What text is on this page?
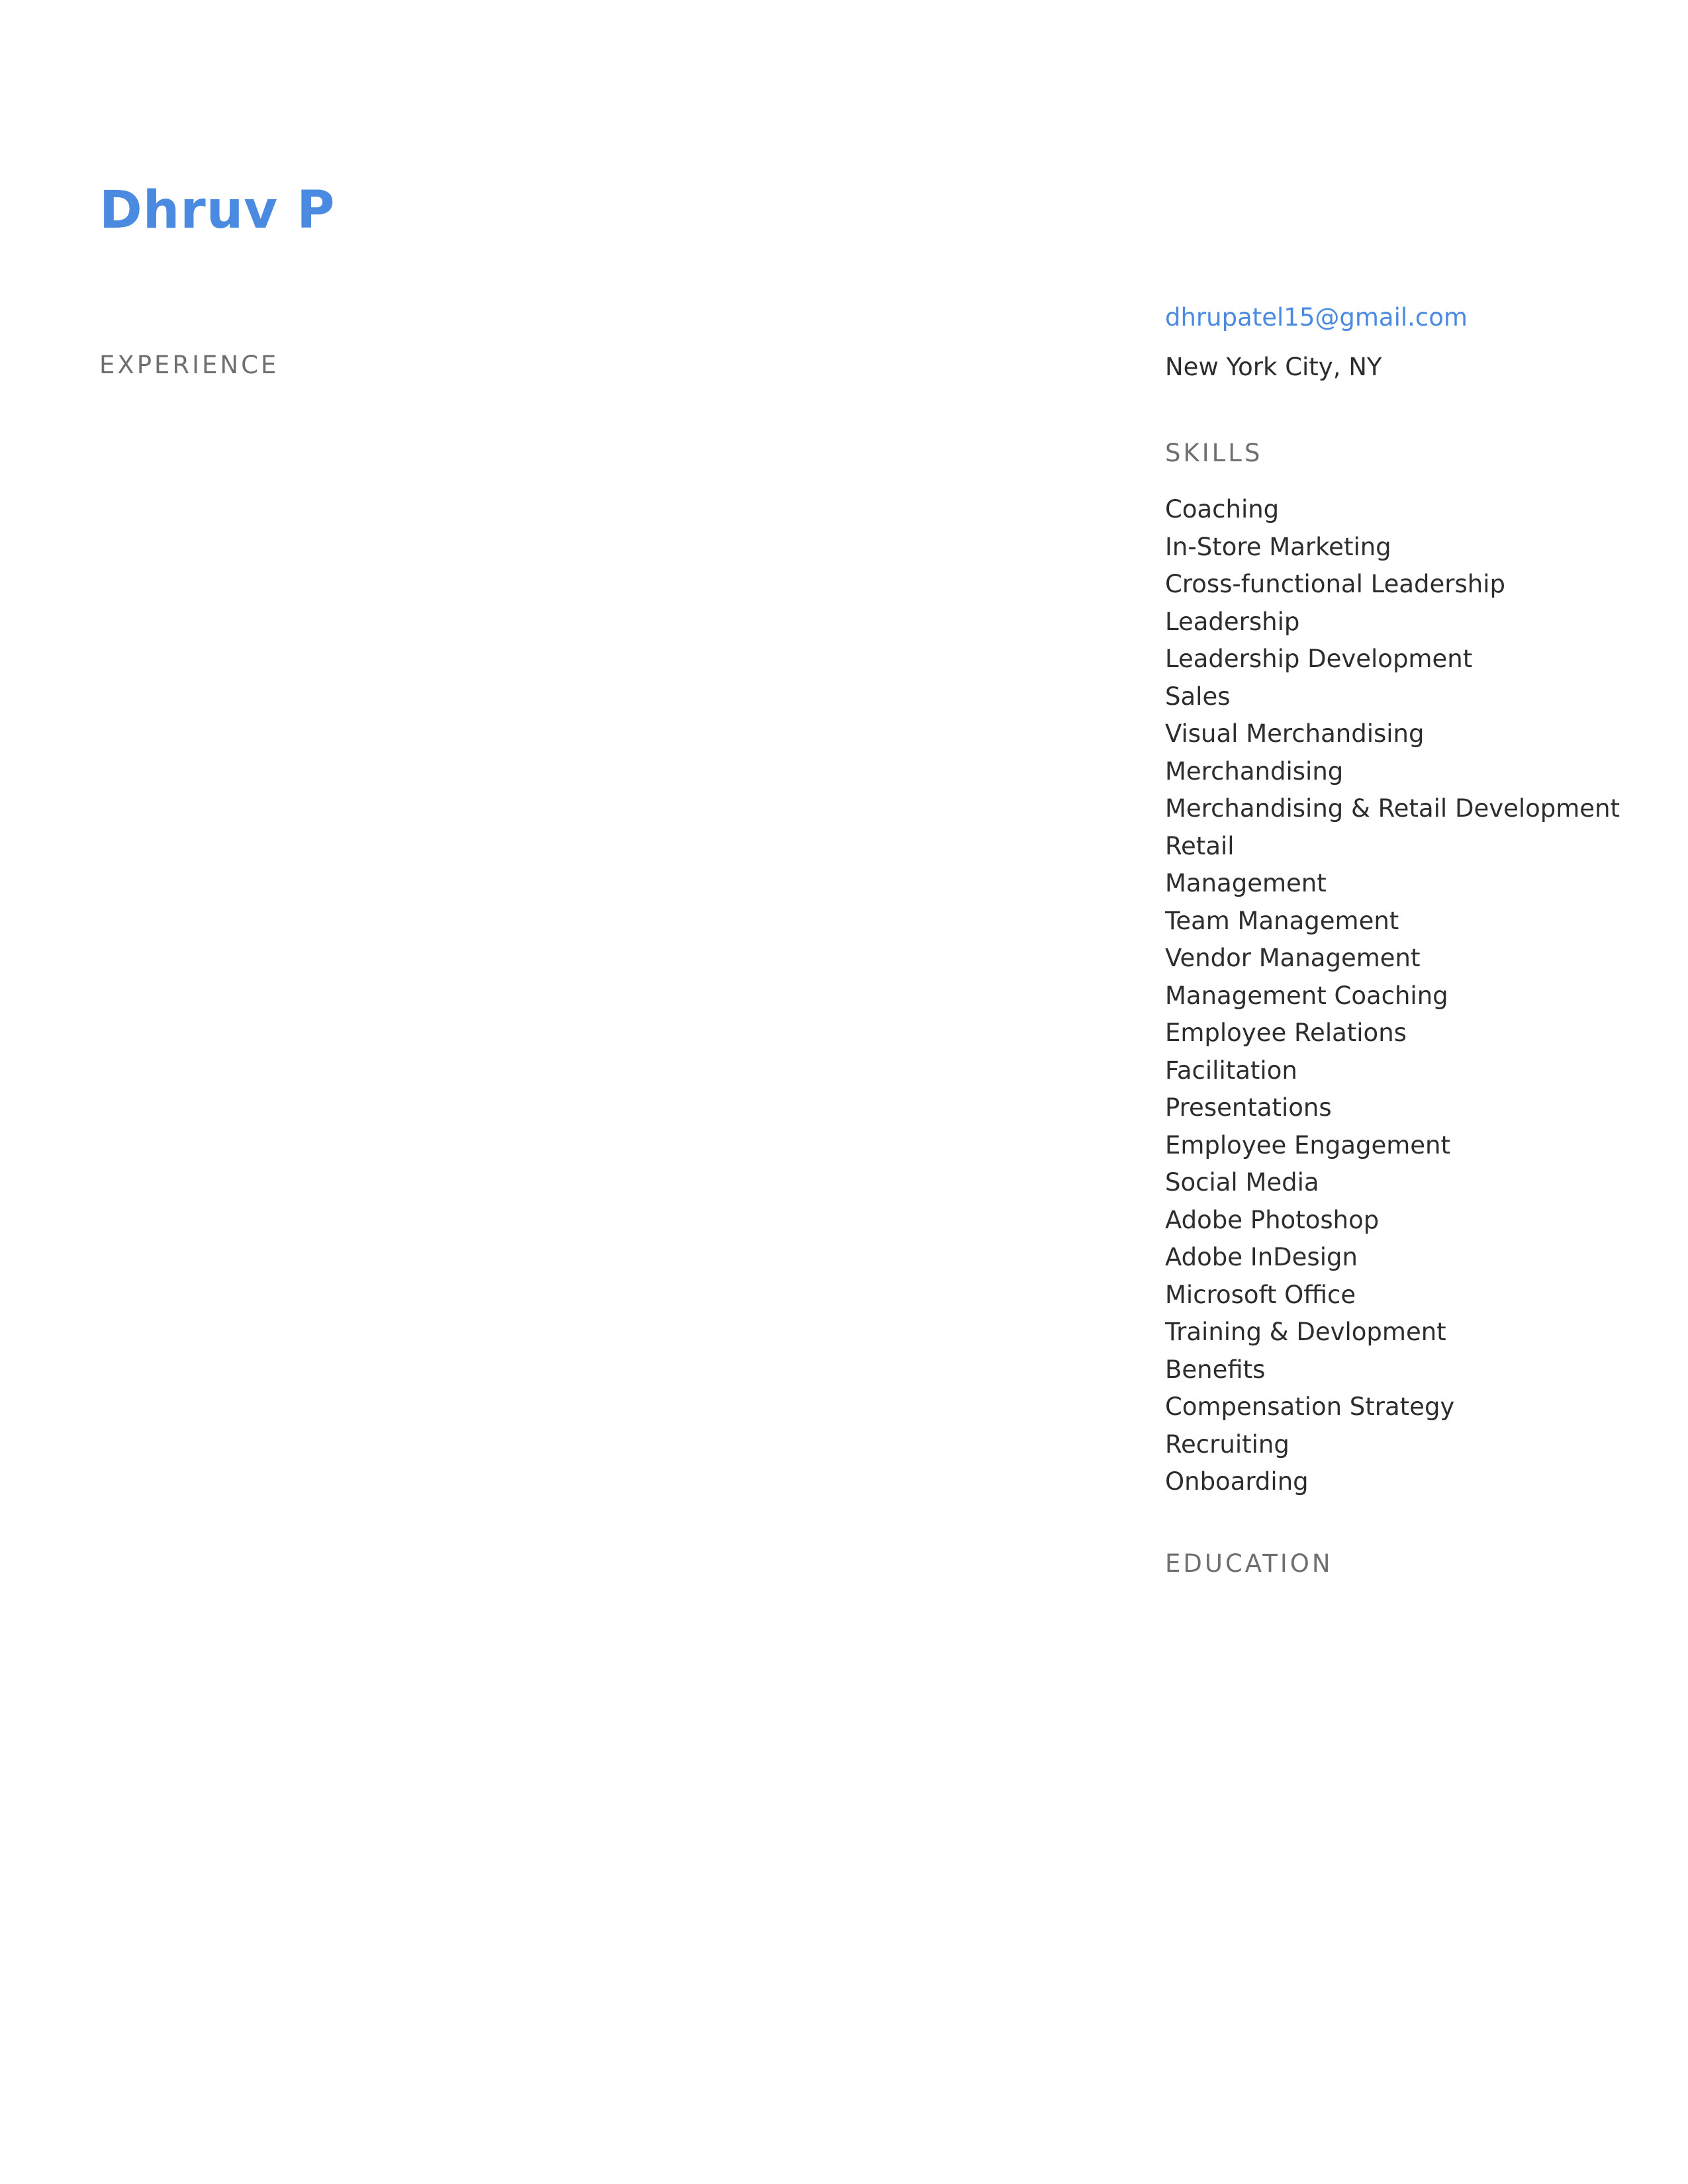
Dhruv P
EXPERIENCE
dhrupatel15@gmail.com
New York City, NY
SKILLS
Coaching
In-Store Marketing
Cross-functional Leadership
Leadership
Leadership Development
Sales
Visual Merchandising
Merchandising
Merchandising & Retail Development
Retail
Management
Team Management
Vendor Management
Management Coaching
Employee Relations
Facilitation
Presentations
Employee Engagement
Social Media
Adobe Photoshop
Adobe InDesign
Microsoft Office
Training & Devlopment
Benefits
Compensation Strategy
Recruiting
Onboarding
EDUCATION
